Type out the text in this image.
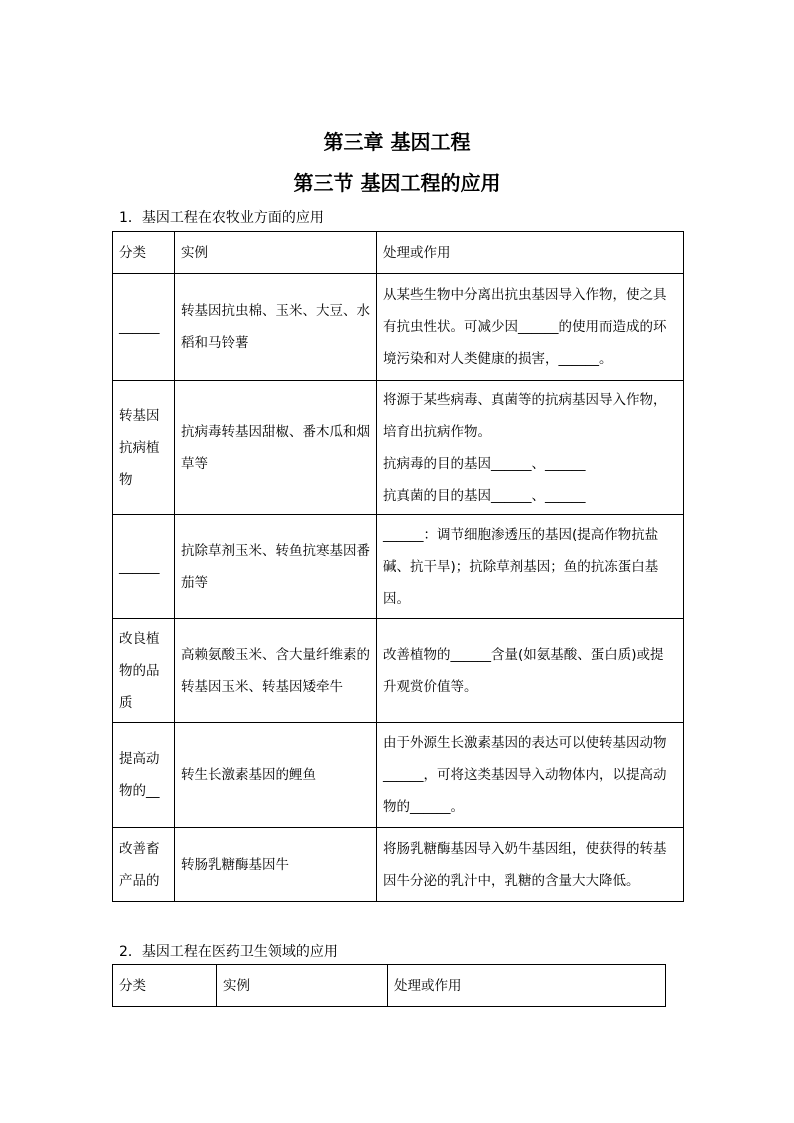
第三章 基因工程
第三节 基因工程的应用
1．基因工程在农牧业方面的应用
分类	实例	处理或作用
______	转基因抗虫棉、玉米、大豆、水稻和马铃薯	从某些生物中分离出抗虫基因导入作物，使之具有抗虫性状。可减少因______的使用而造成的环境污染和对人类健康的损害，______。
转基因抗病植物	抗病毒转基因甜椒、番木瓜和烟草等	将源于某些病毒、真菌等的抗病基因导入作物，培育出抗病作物。
抗病毒的目的基因______、______
抗真菌的目的基因______、______
______	抗除草剂玉米、转鱼抗寒基因番茄等	______：调节细胞渗透压的基因(提高作物抗盐碱、抗干旱)；抗除草剂基因；鱼的抗冻蛋白基因。
改良植物的品质	高赖氨酸玉米、含大量纤维素的转基因玉米、转基因矮牵牛	改善植物的______含量(如氨基酸、蛋白质)或提升观赏价值等。
提高动物的__	转生长激素基因的鲤鱼	由于外源生长激素基因的表达可以使转基因动物______，可将这类基因导入动物体内，以提高动物的______。
改善畜产品的	转肠乳糖酶基因牛	将肠乳糖酶基因导入奶牛基因组，使获得的转基因牛分泌的乳汁中，乳糖的含量大大降低。
2．基因工程在医药卫生领域的应用
分类	实例	处理或作用
